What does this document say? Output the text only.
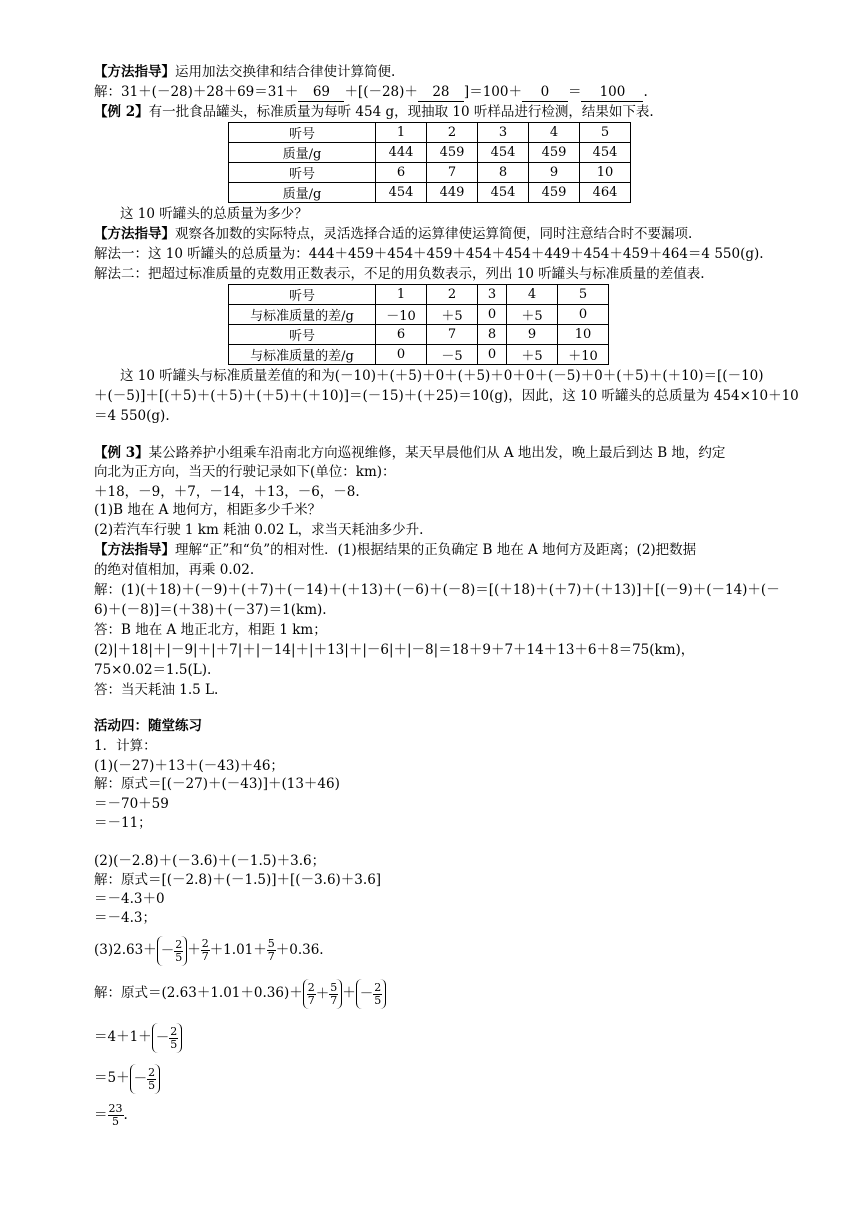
【方法指导】运用加法交换律和结合律使计算简便.
解：31＋(－28)＋28＋69＝31＋ 69 ＋[(－28)＋ 28 ]＝100＋ 0 ＝ 100 .
【例 2】有一批食品罐头，标准质量为每听 454 g，现抽取 10 听样品进行检测，结果如下表.
听号	1	2	3	4	5
质量/g	444	459	454	459	454
听号	6	7	8	9	10
质量/g	454	449	454	459	464
这 10 听罐头的总质量为多少？
【方法指导】观察各加数的实际特点，灵活选择合适的运算律使运算简便，同时注意结合时不要漏项.
解法一：这 10 听罐头的总质量为：444＋459＋454＋459＋454＋454＋449＋454＋459＋464＝4 550(g).
解法二：把超过标准质量的克数用正数表示，不足的用负数表示，列出 10 听罐头与标准质量的差值表.
听号	1	2	3	4	5
与标准质量的差/g	－10	＋5	0	＋5	0
听号	6	7	8	9	10
与标准质量的差/g	0	－5	0	＋5	＋10
这 10 听罐头与标准质量差值的和为(－10)＋(＋5)＋0＋(＋5)＋0＋0＋(－5)＋0＋(＋5)＋(＋10)＝[(－10)
＋(－5)]＋[(＋5)＋(＋5)＋(＋5)＋(＋10)]＝(－15)＋(＋25)＝10(g)，因此，这 10 听罐头的总质量为 454×10＋10
＝4 550(g).
【例 3】某公路养护小组乘车沿南北方向巡视维修，某天早晨他们从 A 地出发，晚上最后到达 B 地，约定
向北为正方向，当天的行驶记录如下(单位：km)：
＋18，－9，＋7，－14，＋13，－6，－8.
(1)B 地在 A 地何方，相距多少千米？
(2)若汽车行驶 1 km 耗油 0.02 L，求当天耗油多少升.
【方法指导】理解“正”和“负”的相对性．(1)根据结果的正负确定 B 地在 A 地何方及距离；(2)把数据
的绝对值相加，再乘 0.02.
解：(1)(＋18)＋(－9)＋(＋7)＋(－14)＋(＋13)＋(－6)＋(－8)＝[(＋18)＋(＋7)＋(＋13)]＋[(－9)＋(－14)＋(－
6)＋(－8)]＝(＋38)＋(－37)＝1(km).
答：B 地在 A 地正北方，相距 1 km；
(2)|＋18|＋|－9|＋|＋7|＋|－14|＋|＋13|＋|－6|＋|－8|＝18＋9＋7＋14＋13＋6＋8＝75(km)，
75×0.02＝1.5(L).
答：当天耗油 1.5 L.
活动四：随堂练习
1．计算：
(1)(－27)＋13＋(－43)＋46；
解：原式＝[(－27)＋(－43)]＋(13＋46)
＝－70＋59
＝－11；
(2)(－2.8)＋(－3.6)＋(－1.5)＋3.6；
解：原式＝[(－2.8)＋(－1.5)]＋[(－3.6)＋3.6]
＝－4.3＋0
＝－4.3；
$(3)2.63+ - \frac{2}{5} + \frac{2}{7} +1.01+ \frac{5}{7} +0.36$.
解：原式$=(2.63+1.01+0.36)+ \frac{2}{7} + \frac{5}{7}$ ＋ － $\frac{2}{5}$
$=4+1+ - \frac{2}{5}$
$=5+ - \frac{2}{5}$
＝ $\frac{23}{5}$ .
